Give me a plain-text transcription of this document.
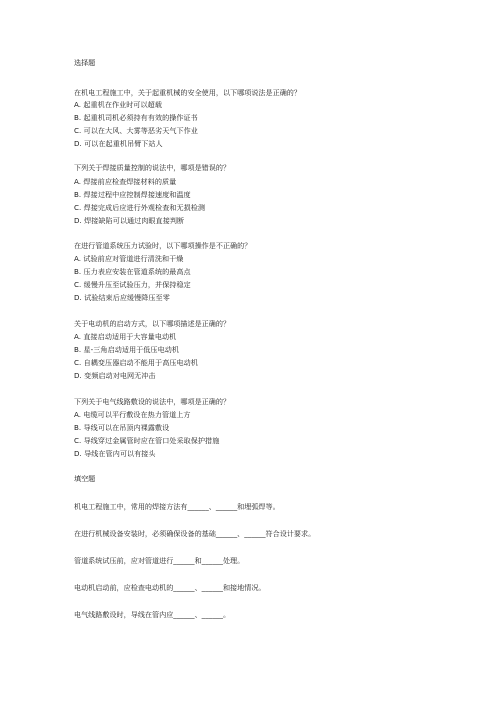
选择题

在机电工程施工中，关于起重机械的安全使用，以下哪项说法是正确的？

A. 起重机在作业时可以超载

B. 起重机司机必须持有有效的操作证书

C. 可以在大风、大雾等恶劣天气下作业

D. 可以在起重机吊臂下站人

下列关于焊接质量控制的说法中，哪项是错误的？

A. 焊接前应检查焊接材料的质量

B. 焊接过程中应控制焊接速度和温度

C. 焊接完成后应进行外观检查和无损检测

D. 焊接缺陷可以通过肉眼直接判断

在进行管道系统压力试验时，以下哪项操作是不正确的？

A. 试验前应对管道进行清洗和干燥

B. 压力表应安装在管道系统的最高点

C. 缓慢升压至试验压力，并保持稳定

D. 试验结束后应缓慢降压至零

关于电动机的启动方式，以下哪项描述是正确的？

A. 直接启动适用于大容量电动机

B. 星-三角启动适用于低压电动机

C. 自耦变压器启动不能用于高压电动机

D. 变频启动对电网无冲击

下列关于电气线路敷设的说法中，哪项是正确的？

A. 电缆可以平行敷设在热力管道上方

B. 导线可以在吊顶内裸露敷设

C. 导线穿过金属管时应在管口处采取保护措施

D. 导线在管内可以有接头

填空题

机电工程施工中，常用的焊接方法有______、______和埋弧焊等。

在进行机械设备安装时，必须确保设备的基础______、______符合设计要求。

管道系统试压前，应对管道进行______和______处理。

电动机启动前，应检查电动机的______、______和接地情况。

电气线路敷设时，导线在管内应______、______。
